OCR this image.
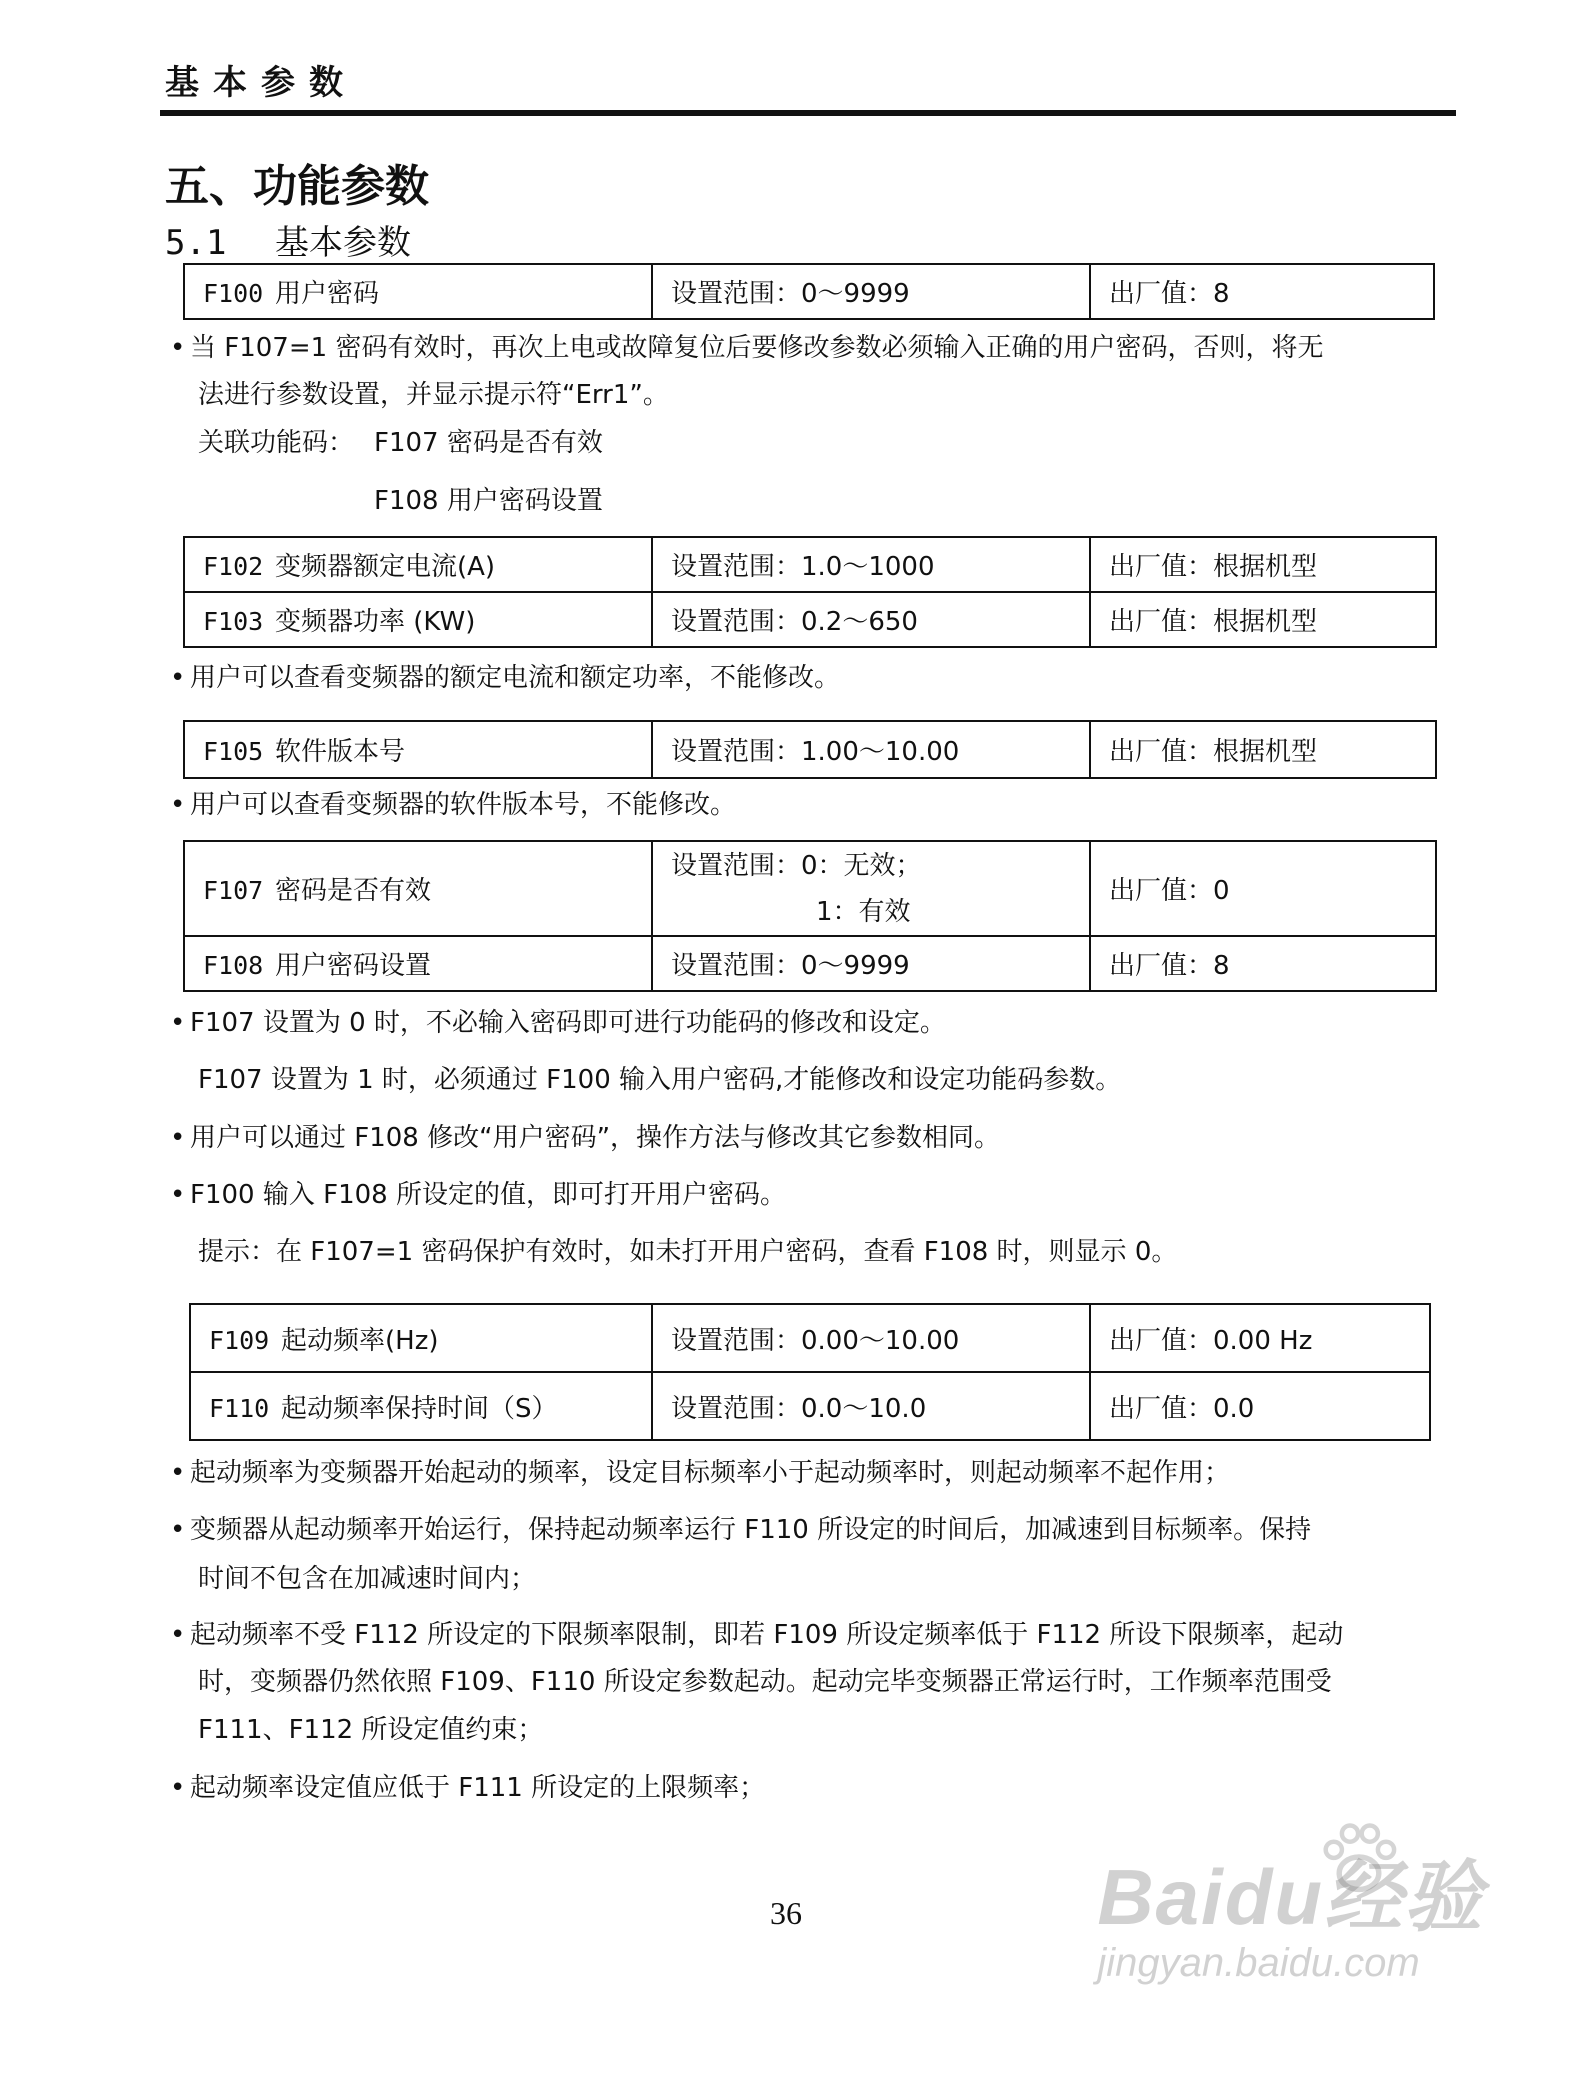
基本参数
五、功能参数
5.1 基本参数
F100 用户密码	设置范围：0～9999	出厂值：8
• 当 F107=1 密码有效时，再次上电或故障复位后要修改参数必须输入正确的用户密码，否则，将无
法进行参数设置，并显示提示符“Err1”。
关联功能码： F107 密码是否有效
F108 用户密码设置
F102 变频器额定电流(A)	设置范围：1.0～1000	出厂值：根据机型
F103 变频器功率 (KW)	设置范围：0.2～650	出厂值：根据机型
• 用户可以查看变频器的额定电流和额定功率，不能修改。
F105 软件版本号	设置范围：1.00～10.00	出厂值：根据机型
• 用户可以查看变频器的软件版本号，不能修改。
F107 密码是否有效	设置范围：0：无效；
1：有效	出厂值：0
F108 用户密码设置	设置范围：0～9999	出厂值：8
• F107 设置为 0 时，不必输入密码即可进行功能码的修改和设定。
F107 设置为 1 时，必须通过 F100 输入用户密码,才能修改和设定功能码参数。
• 用户可以通过 F108 修改“用户密码”，操作方法与修改其它参数相同。
• F100 输入 F108 所设定的值，即可打开用户密码。
提示：在 F107=1 密码保护有效时，如未打开用户密码，查看 F108 时，则显示 0。
F109 起动频率(Hz)	设置范围：0.00～10.00	出厂值：0.00 Hz
F110 起动频率保持时间（S）	设置范围：0.0～10.0	出厂值：0.0
• 起动频率为变频器开始起动的频率，设定目标频率小于起动频率时，则起动频率不起作用；
• 变频器从起动频率开始运行，保持起动频率运行 F110 所设定的时间后，加减速到目标频率。保持
时间不包含在加减速时间内；
• 起动频率不受 F112 所设定的下限频率限制，即若 F109 所设定频率低于 F112 所设下限频率，起动
时，变频器仍然依照 F109、F110 所设定参数起动。起动完毕变频器正常运行时，工作频率范围受
F111、F112 所设定值约束；
• 起动频率设定值应低于 F111 所设定的上限频率；
36	Baidu经验
jingyan.baidu.com
